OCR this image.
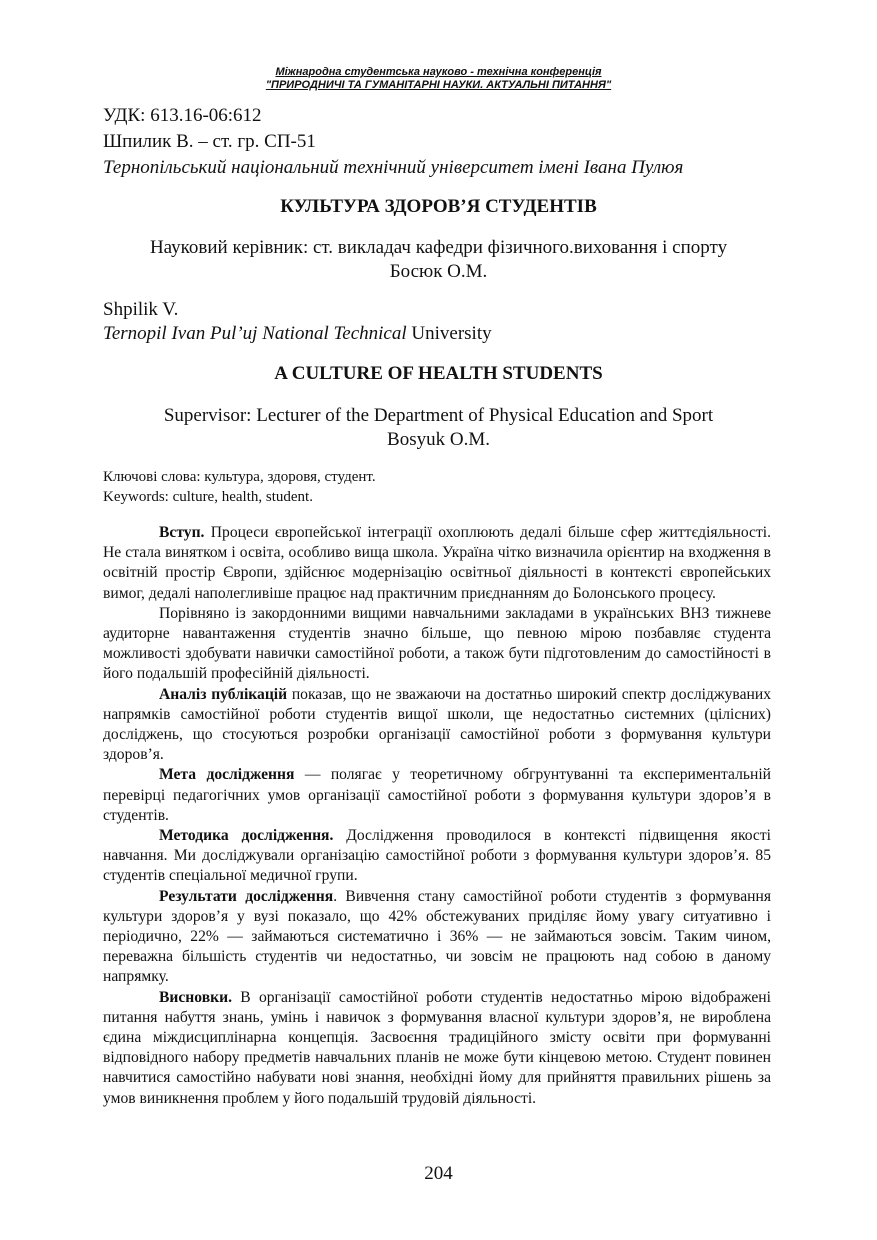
Міжнародна студентська науково - технічна конференція
"ПРИРОДНИЧІ ТА ГУМАНІТАРНІ НАУКИ. АКТУАЛЬНІ ПИТАННЯ"
УДК: 613.16-06:612
Шпилик В. – ст. гр. СП-51
Тернопільський національний технічний університет імені Івана Пулюя
КУЛЬТУРА ЗДОРОВ’Я СТУДЕНТІВ
Науковий керівник: ст. викладач кафедри фізичного.виховання і спорту
Босюк О.М.
Shpilik V.
Ternopil Ivan Pul’uj National Technical University
A CULTURE OF HEALTH STUDENTS
Supervisor: Lecturer of the Department of Physical Education and Sport
Bosyuk O.M.
Ключові слова: культура, здоровя, студент.
Keywords: culture, health, student.

Вступ. Процеси європейської інтеграції охоплюють дедалі більше сфер життєдіяльності. Не стала винятком і освіта, особливо вища школа. Україна чітко визначила орієнтир на входження в освітній простір Європи, здійснює модернізацію освітньої діяльності в контексті європейських вимог, дедалі наполегливіше працює над практичним приєднанням до Болонського процесу.

Порівняно із закордонними вищими навчальними закладами в українських ВНЗ тижневе аудиторне навантаження студентів значно більше, що певною мірою позбавляє студента можливості здобувати навички самостійної роботи, а також бути підготовленим до самостійності в його подальшій професійній діяльності.

Аналіз публікацій показав, що не зважаючи на достатньо широкий спектр досліджуваних напрямків самостійної роботи студентів вищої школи, ще недостатньо системних (цілісних) досліджень, що стосуються розробки організації самостійної роботи з формування культури здоров’я.

Мета дослідження — полягає у теоретичному обгрунтуванні та експериментальній перевірці педагогічних умов організації самостійної роботи з формування культури здоров’я в студентів.

Методика дослідження. Дослідження проводилося в контексті підвищення якості навчання. Ми досліджували організацію самостійної роботи з формування культури здоров’я. 85 студентів спеціальної медичної групи.

Результати дослідження. Вивчення стану самостійної роботи студентів з формування культури здоров’я у вузі показало, що 42% обстежуваних приділяє йому увагу ситуативно і періодично, 22% — займаються систематично і 36% — не займаються зовсім. Таким чином, переважна більшість студентів чи недостатньо, чи зовсім не працюють над собою в даному напрямку.

Висновки. В організації самостійної роботи студентів недостатньо мірою відображені питання набуття знань, умінь і навичок з формування власної культури здоров’я, не вироблена єдина міждисциплінарна концепція. Засвоєння традиційного змісту освіти при формуванні відповідного набору предметів навчальних планів не може бути кінцевою метою. Студент повинен навчитися самостійно набувати нові знання, необхідні йому для прийняття правильних рішень за умов виникнення проблем у його подальшій трудовій діяльності.

204
